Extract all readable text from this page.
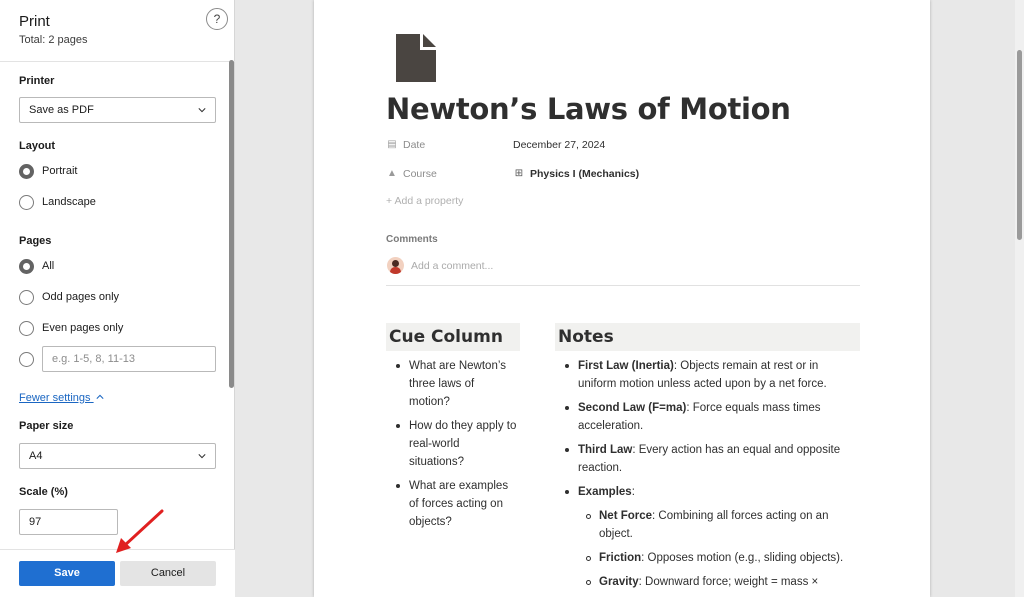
Print
Total: 2 pages
?
Printer
Save as PDF
Layout
Portrait
Landscape
Pages
All
Odd pages only
Even pages only
e.g. 1-5, 8, 11-13
Fewer settings
Paper size
A4
Scale (%)
97
Save	Cancel
Newton’s Laws of Motion
▤ Date	December 27, 2024
▲ Course	⊞ Physics I (Mechanics)
+ Add a property
Comments
Add a comment...
Cue Column
What are Newton’s three laws of motion?
How do they apply to real-world situations?
What are examples of forces acting on objects?
Notes
First Law (Inertia): Objects remain at rest or in uniform motion unless acted upon by a net force.
Second Law (F=ma): Force equals mass times acceleration.
Third Law: Every action has an equal and opposite reaction.
Examples:
Net Force: Combining all forces acting on an object.
Friction: Opposes motion (e.g., sliding objects).
Gravity: Downward force; weight = mass ×
